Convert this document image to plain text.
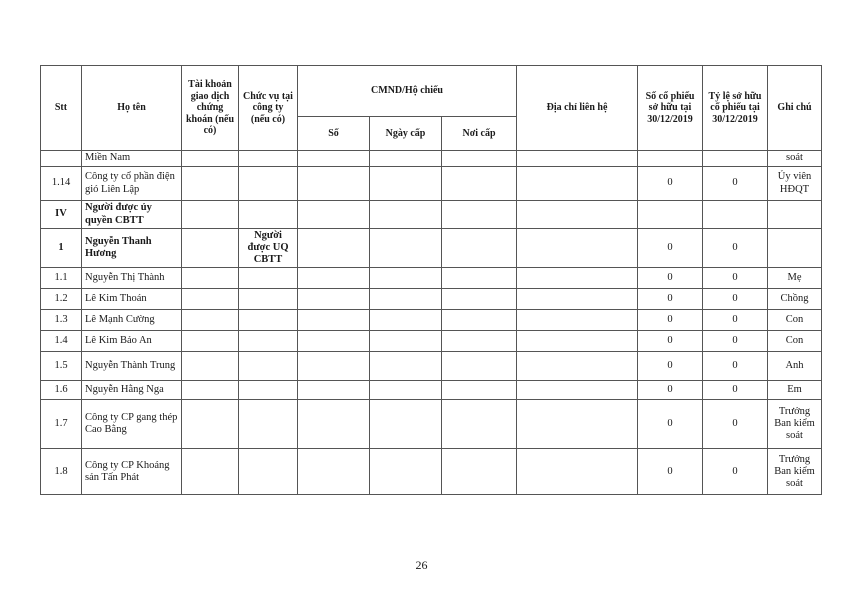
Stt	Họ tên	Tài khoản giao dịch chứng khoán (nếu có)	Chức vụ tại công ty (nếu có)	CMND/Hộ chiếu			Địa chỉ liên hệ	Số cổ phiếu sở hữu tại 30/12/2019	Tỷ lệ sở hữu cổ phiếu tại 30/12/2019	Ghi chú
				Số	Ngày cấp	Nơi cấp				
	Miền Nam									soát
1.14	Công ty cổ phần điện gió Liên Lập							0	0	Ủy viên HĐQT
IV	Người được ủy quyền CBTT									
1	Nguyễn Thanh Hương		Người được UQ CBTT					0	0	
1.1	Nguyễn Thị Thành							0	0	Mẹ
1.2	Lê Kim Thoán							0	0	Chồng
1.3	Lê Mạnh Cường							0	0	Con
1.4	Lê Kim Bảo An							0	0	Con
1.5	Nguyễn Thành Trung							0	0	Anh
1.6	Nguyễn Hằng Nga							0	0	Em
1.7	Công ty CP gang thép Cao Bằng							0	0	Trưởng Ban kiểm soát
1.8	Công ty CP Khoáng sản Tấn Phát							0	0	Trưởng Ban kiểm soát
26
